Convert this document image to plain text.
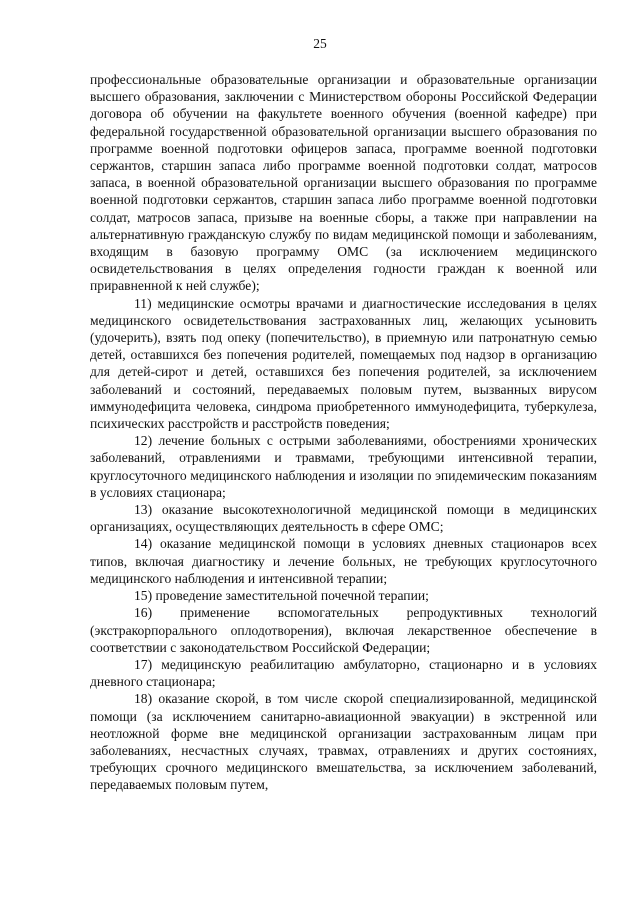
25

профессиональные образовательные организации и образовательные организации высшего образования, заключении с Министерством обороны Российской Федерации договора об обучении на факультете военного обучения (военной кафедре) при федеральной государственной образовательной организации высшего образования по программе военной подготовки офицеров запаса, программе военной подготовки сержантов, старшин запаса либо программе военной подготовки солдат, матросов запаса, в военной образовательной организации высшего образования по программе военной подготовки сержантов, старшин запаса либо программе военной подготовки солдат, матросов запаса, призыве на военные сборы, а также при направлении на альтернативную гражданскую службу по видам медицинской помощи и заболеваниям, входящим в базовую программу ОМС (за исключением медицинского освидетельствования в целях определения годности граждан к военной или приравненной к ней службе);

11) медицинские осмотры врачами и диагностические исследования в целях медицинского освидетельствования застрахованных лиц, желающих усыновить (удочерить), взять под опеку (попечительство), в приемную или патронатную семью детей, оставшихся без попечения родителей, помещаемых под надзор в организацию для детей-сирот и детей, оставшихся без попечения родителей, за исключением заболеваний и состояний, передаваемых половым путем, вызванных вирусом иммунодефицита человека, синдрома приобретенного иммунодефицита, туберкулеза, психических расстройств и расстройств поведения;

12) лечение больных с острыми заболеваниями, обострениями хронических заболеваний, отравлениями и травмами, требующими интенсивной терапии, круглосуточного медицинского наблюдения и изоляции по эпидемическим показаниям в условиях стационара;

13) оказание высокотехнологичной медицинской помощи в медицинских организациях, осуществляющих деятельность в сфере ОМС;

14) оказание медицинской помощи в условиях дневных стационаров всех типов, включая диагностику и лечение больных, не требующих круглосуточного медицинского наблюдения и интенсивной терапии;

15) проведение заместительной почечной терапии;

16) применение вспомогательных репродуктивных технологий (экстракорпорального оплодотворения), включая лекарственное обеспечение в соответствии с законодательством Российской Федерации;

17) медицинскую реабилитацию амбулаторно, стационарно и в условиях дневного стационара;

18) оказание скорой, в том числе скорой специализированной, медицинской помощи (за исключением санитарно-авиационной эвакуации) в экстренной или неотложной форме вне медицинской организации застрахованным лицам при заболеваниях, несчастных случаях, травмах, отравлениях и других состояниях, требующих срочного медицинского вмешательства, за исключением заболеваний, передаваемых половым путем,
